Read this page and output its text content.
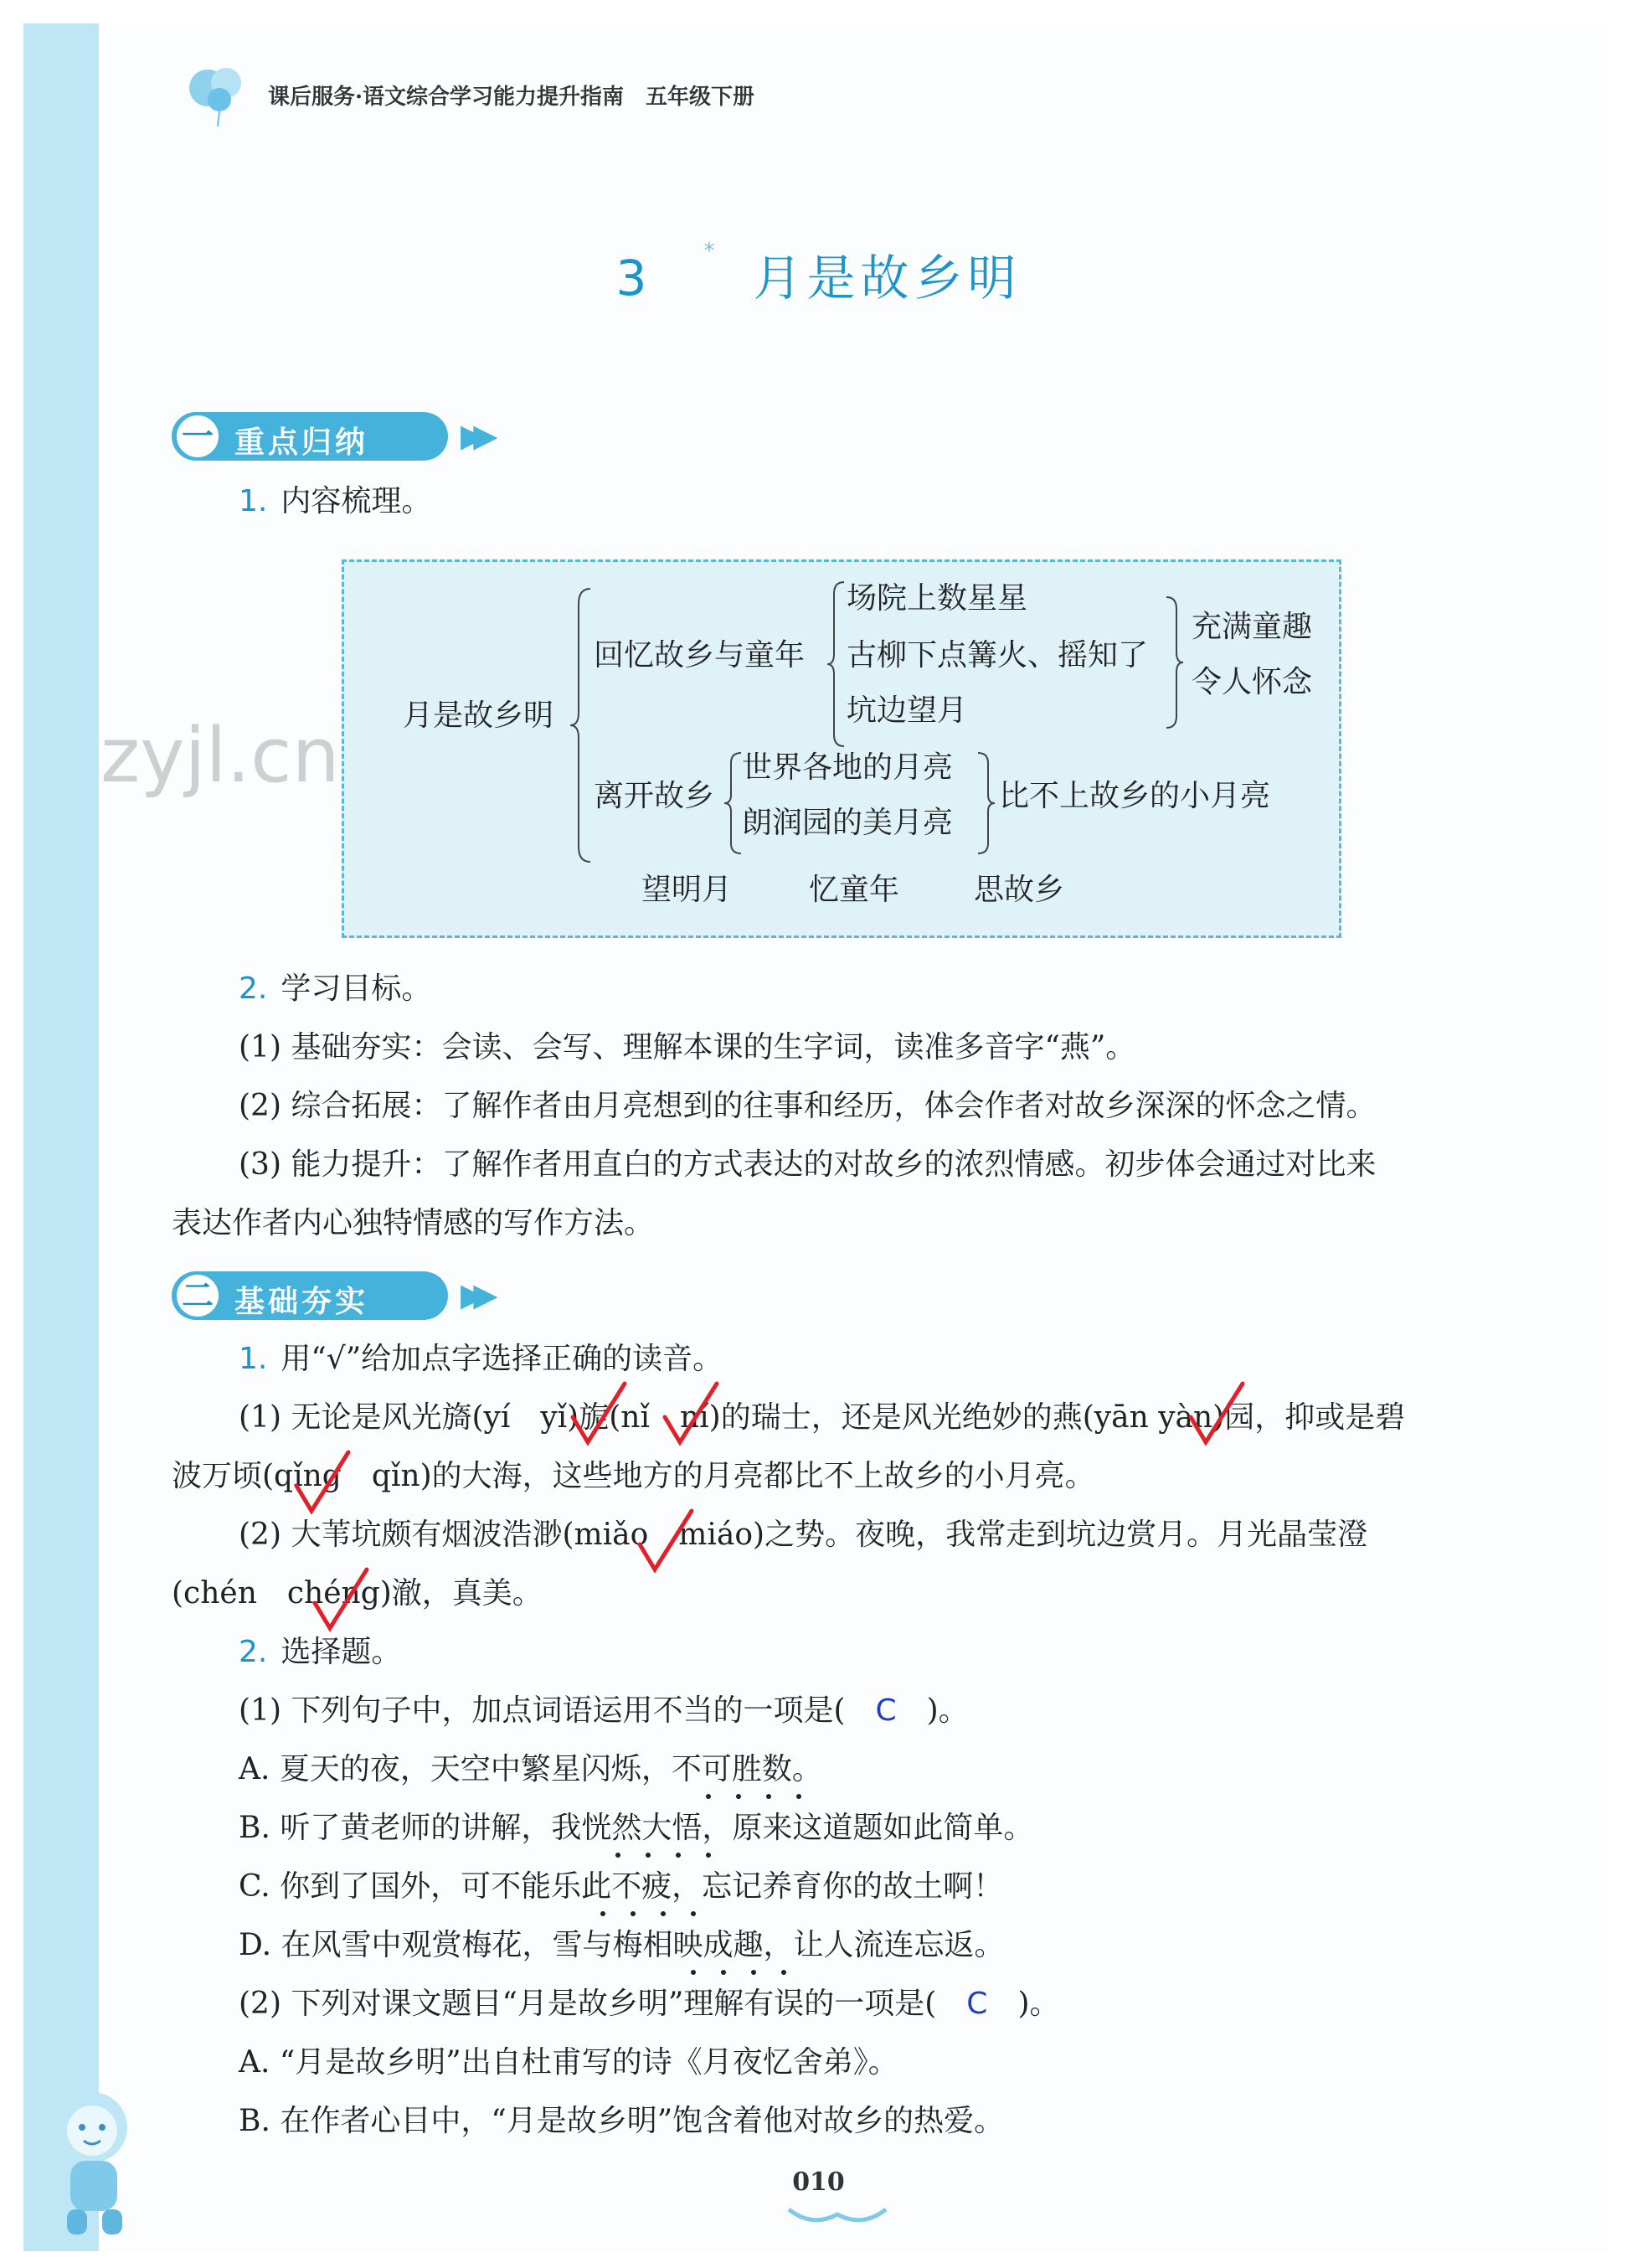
课后服务·语文综合学习能力提升指南　五年级下册
3 * 月是故乡明
一 重点归纳	▶▶
1. 内容梳理。
月是故乡明
回忆故乡与童年
场院上数星星
古柳下点篝火、摇知了
坑边望月
充满童趣
令人怀念
离开故乡
世界各地的月亮
朗润园的美月亮
比不上故乡的小月亮
望明月	忆童年 思故乡
zyjl.cn
2. 学习目标。
(1) 基础夯实：会读、会写、理解本课的生字词，读准多音字“燕”。
(2) 综合拓展：了解作者由月亮想到的往事和经历，体会作者对故乡深深的怀念之情。
(3) 能力提升：了解作者用直白的方式表达的对故乡的浓烈情感。初步体会通过对比来
表达作者内心独特情感的写作方法。
二 基础夯实	▶▶
1. 用“√”给加点字选择正确的读音。
(1) 无论是风光旖(yí　yǐ)旎(nǐ　ní)的瑞士，还是风光绝妙的燕(yān yàn)园，抑或是碧
波万顷(qǐng　qǐn)的大海，这些地方的月亮都比不上故乡的小月亮。
(2) 大苇坑颇有烟波浩渺(miǎo　miáo)之势。夜晚，我常走到坑边赏月。月光晶莹澄
(chén　chéng)澈，真美。
2. 选择题。
(1) 下列句子中，加点词语运用不当的一项是(  C  )。
A. 夏天的夜，天空中繁星闪烁，不可胜数。
B. 听了黄老师的讲解，我恍然大悟，原来这道题如此简单。
C. 你到了国外，可不能乐此不疲，忘记养育你的故土啊！
D. 在风雪中观赏梅花，雪与梅相映成趣，让人流连忘返。
(2) 下列对课文题目“月是故乡明”理解有误的一项是(  C  )。
A. “月是故乡明”出自杜甫写的诗《月夜忆舍弟》。
B. 在作者心目中，“月是故乡明”饱含着他对故乡的热爱。
010
